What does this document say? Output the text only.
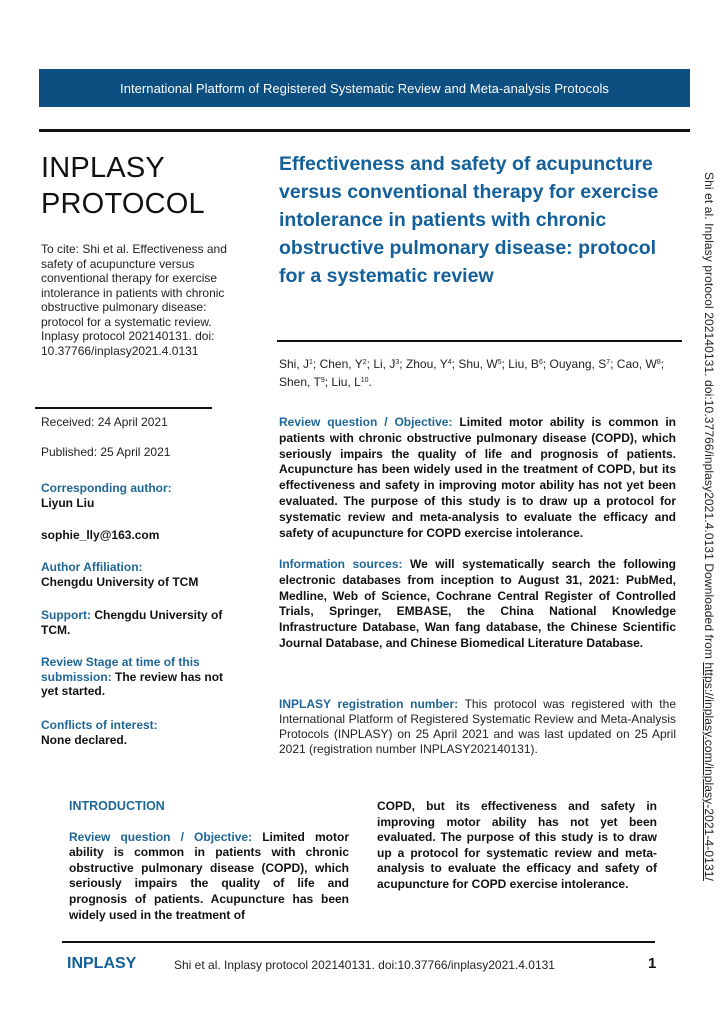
International Platform of Registered Systematic Review and Meta-analysis Protocols
INPLASY
PROTOCOL
To cite: Shi et al. Effectiveness and safety of acupuncture versus conventional therapy for exercise intolerance in patients with chronic obstructive pulmonary disease: protocol for a systematic review. Inplasy protocol 202140131. doi: 10.37766/inplasy2021.4.0131
Received: 24 April 2021
Published: 25 April 2021
Corresponding author:
Liyun Liu
sophie_lly@163.com
Author Affiliation:
Chengdu University of TCM
Support: Chengdu University of TCM.
Review Stage at time of this submission: The review has not yet started.
Conflicts of interest:
None declared.
Effectiveness and safety of acupuncture versus conventional therapy for exercise intolerance in patients with chronic obstructive pulmonary disease: protocol for a systematic review
Shi, $J^1$; Chen, $Y^2$; Li, $J^3$; Zhou, $Y^4$; Shu, $W^5$; Liu, $B^6$; Ouyang, $S^7$; Cao, $W^8$; Shen, $T^9$; Liu, $L^{10}$.
Review question / Objective: Limited motor ability is common in patients with chronic obstructive pulmonary disease (COPD), which seriously impairs the quality of life and prognosis of patients. Acupuncture has been widely used in the treatment of COPD, but its effectiveness and safety in improving motor ability has not yet been evaluated. The purpose of this study is to draw up a protocol for systematic review and meta-analysis to evaluate the efficacy and safety of acupuncture for COPD exercise intolerance.
Information sources: We will systematically search the following electronic databases from inception to August 31, 2021: PubMed, Medline, Web of Science, Cochrane Central Register of Controlled Trials, Springer, EMBASE, the China National Knowledge Infrastructure Database, Wan fang database, the Chinese Scientific Journal Database, and Chinese Biomedical Literature Database.
INPLASY registration number: This protocol was registered with the International Platform of Registered Systematic Review and Meta-Analysis Protocols (INPLASY) on 25 April 2021 and was last updated on 25 April 2021 (registration number INPLASY202140131).
INTRODUCTION
Review question / Objective: Limited motor ability is common in patients with chronic obstructive pulmonary disease (COPD), which seriously impairs the quality of life and prognosis of patients. Acupuncture has been widely used in the treatment of
COPD, but its effectiveness and safety in improving motor ability has not yet been evaluated. The purpose of this study is to draw up a protocol for systematic review and meta-analysis to evaluate the efficacy and safety of acupuncture for COPD exercise intolerance.
INPLASY	Shi et al. Inplasy protocol 202140131. doi:10.37766/inplasy2021.4.0131	1
Shi et al. Inplasy protocol 202140131. doi:10.37766/inplasy2021.4.0131 Downloaded from https://inplasy.com/inplasy-2021-4-0131/
